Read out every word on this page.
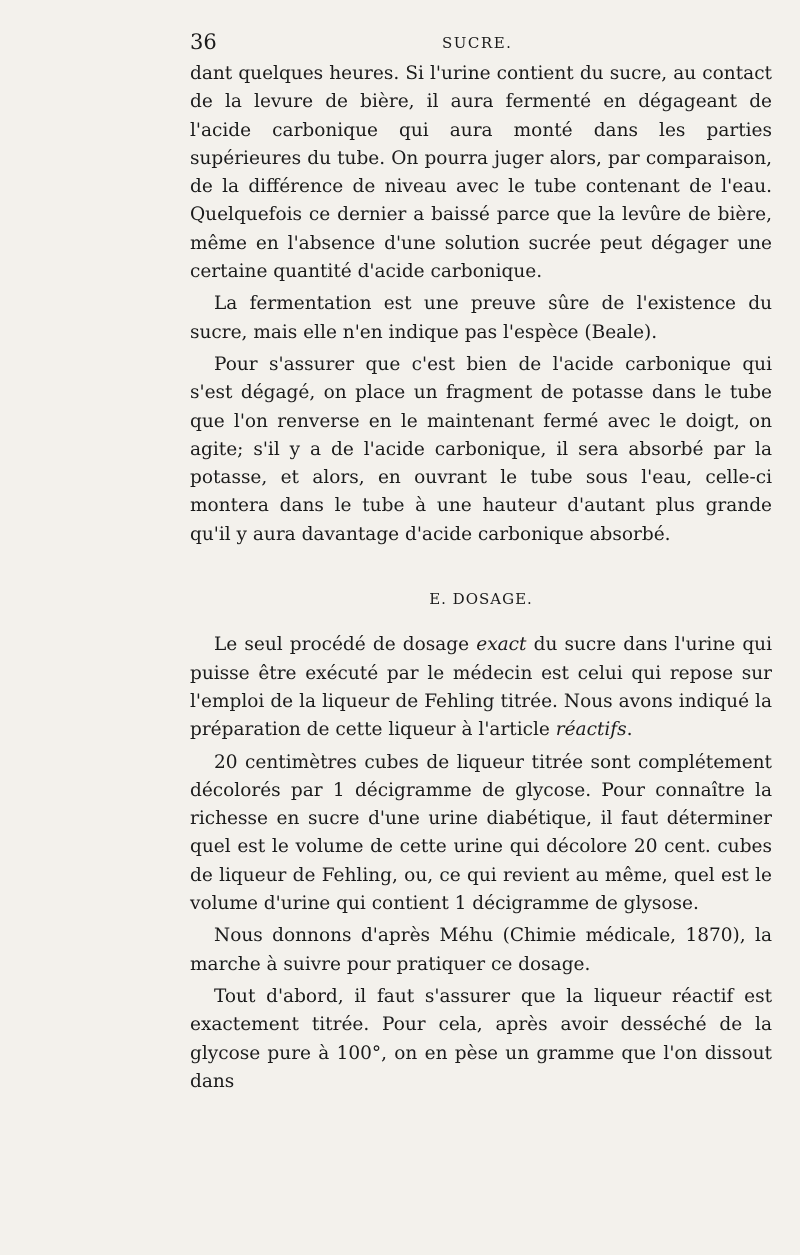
36	SUCRE.

dant quelques heures. Si l'urine contient du sucre, au contact de la levure de bière, il aura fermenté en dégageant de l'acide carbonique qui aura monté dans les parties supérieures du tube. On pourra juger alors, par comparaison, de la différence de niveau avec le tube contenant de l'eau. Quelquefois ce dernier a baissé parce que la levûre de bière, même en l'absence d'une solution sucrée peut dégager une certaine quantité d'acide carbonique.

La fermentation est une preuve sûre de l'existence du sucre, mais elle n'en indique pas l'espèce (Beale).

Pour s'assurer que c'est bien de l'acide carbonique qui s'est dégagé, on place un fragment de potasse dans le tube que l'on renverse en le maintenant fermé avec le doigt, on agite; s'il y a de l'acide carbonique, il sera absorbé par la potasse, et alors, en ouvrant le tube sous l'eau, celle-ci montera dans le tube à une hauteur d'autant plus grande qu'il y aura davantage d'acide carbonique absorbé.

E. DOSAGE.

Le seul procédé de dosage exact du sucre dans l'urine qui puisse être exécuté par le médecin est celui qui repose sur l'emploi de la liqueur de Fehling titrée. Nous avons indiqué la préparation de cette liqueur à l'article réactifs.

20 centimètres cubes de liqueur titrée sont complétement décolorés par 1 décigramme de glycose. Pour connaître la richesse en sucre d'une urine diabétique, il faut déterminer quel est le volume de cette urine qui décolore 20 cent. cubes de liqueur de Fehling, ou, ce qui revient au même, quel est le volume d'urine qui contient 1 décigramme de glysose.

Nous donnons d'après Méhu (Chimie médicale, 1870), la marche à suivre pour pratiquer ce dosage.

Tout d'abord, il faut s'assurer que la liqueur réactif est exactement titrée. Pour cela, après avoir desséché de la glycose pure à 100°, on en pèse un gramme que l'on dissout dans
